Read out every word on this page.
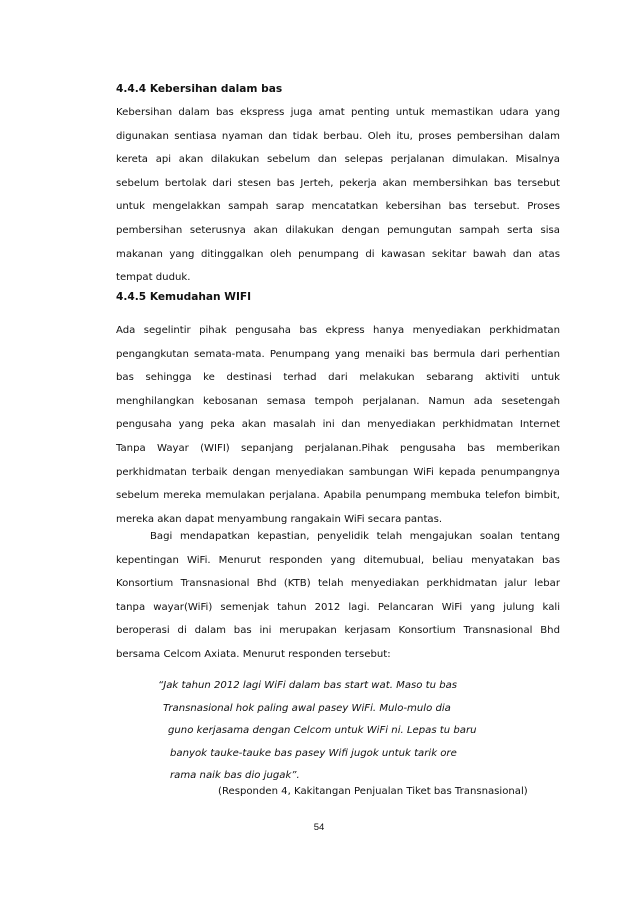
4.4.4 Kebersihan dalam bas
Kebersihan dalam bas ekspress juga amat penting untuk memastikan udara yang
digunakan sentiasa nyaman dan tidak berbau. Oleh itu, proses pembersihan dalam
kereta api akan dilakukan sebelum dan selepas perjalanan dimulakan. Misalnya
sebelum bertolak dari stesen bas Jerteh, pekerja akan membersihkan bas tersebut
untuk mengelakkan sampah sarap mencatatkan kebersihan bas tersebut. Proses
pembersihan seterusnya akan dilakukan dengan pemungutan sampah serta sisa
makanan yang ditinggalkan oleh penumpang di kawasan sekitar bawah dan atas
tempat duduk.
4.4.5 Kemudahan WIFI
Ada segelintir pihak pengusaha bas ekpress hanya menyediakan perkhidmatan
pengangkutan semata-mata. Penumpang yang menaiki bas bermula dari perhentian
bas sehingga ke destinasi terhad dari melakukan sebarang aktiviti untuk
menghilangkan kebosanan semasa tempoh perjalanan. Namun ada sesetengah
pengusaha yang peka akan masalah ini dan menyediakan perkhidmatan Internet
Tanpa Wayar (WIFI) sepanjang perjalanan.Pihak pengusaha bas memberikan
perkhidmatan terbaik dengan menyediakan sambungan WiFi kepada penumpangnya
sebelum mereka memulakan perjalana. Apabila penumpang membuka telefon bimbit,
mereka akan dapat menyambung rangakain WiFi secara pantas.
Bagi mendapatkan kepastian, penyelidik telah mengajukan soalan tentang
kepentingan WiFi. Menurut responden yang ditemubual, beliau menyatakan bas
Konsortium Transnasional Bhd (KTB) telah menyediakan perkhidmatan jalur lebar
tanpa wayar(WiFi) semenjak tahun 2012 lagi. Pelancaran WiFi yang julung kali
beroperasi di dalam bas ini merupakan kerjasam Konsortium Transnasional Bhd
bersama Celcom Axiata. Menurut responden tersebut:
“Jak tahun 2012 lagi WiFi dalam bas start wat. Maso tu bas
Transnasional hok paling awal pasey WiFi. Mulo-mulo dia
guno kerjasama dengan Celcom untuk WiFi ni. Lepas tu baru
banyok tauke-tauke bas pasey Wifi jugok untuk tarik ore
rama naik bas dio jugak”.
(Responden 4, Kakitangan Penjualan Tiket bas Transnasional)
54
